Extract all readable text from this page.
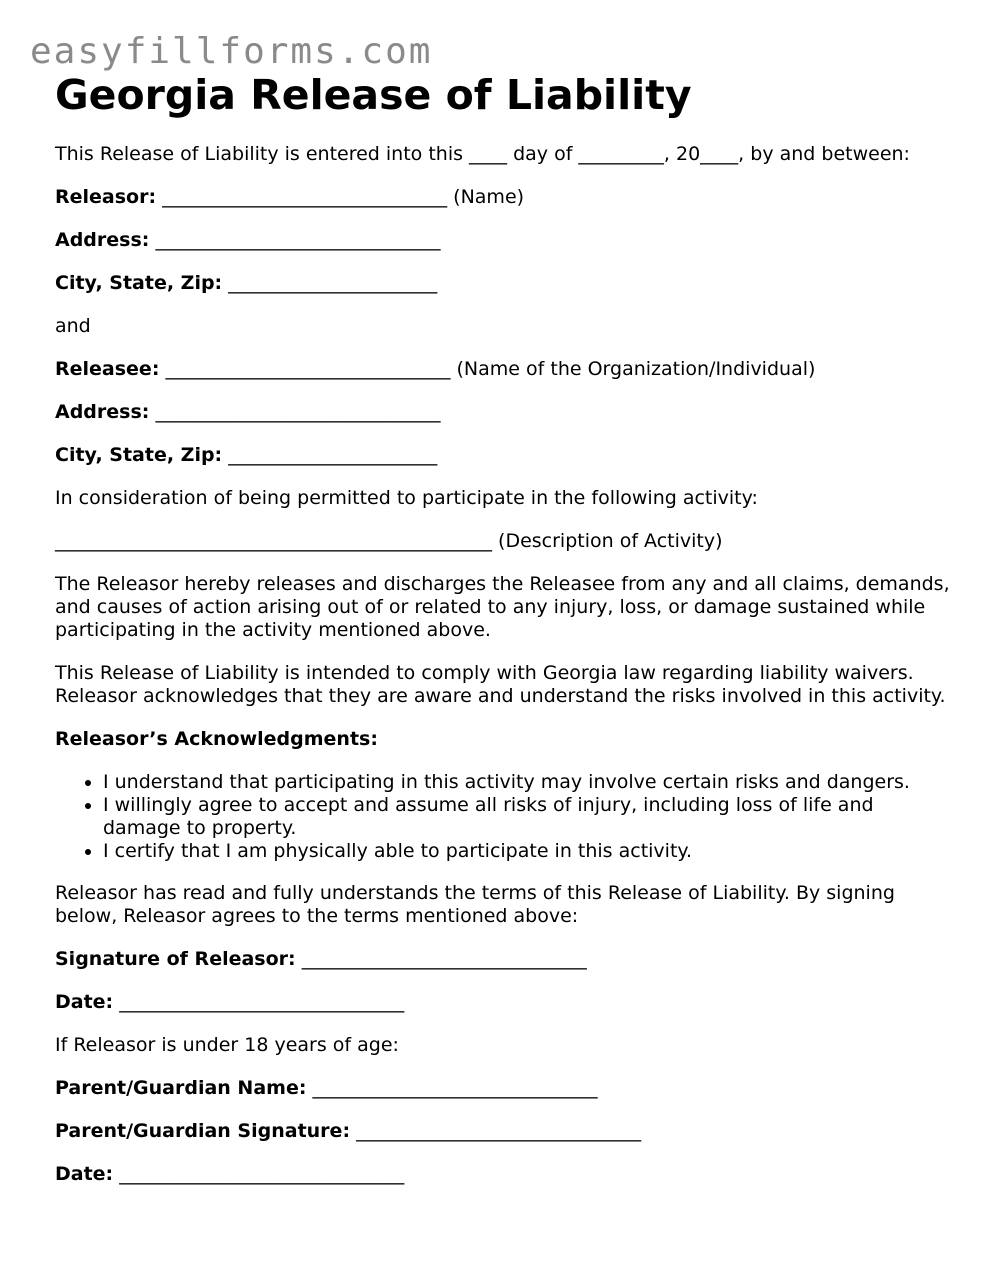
easyfillforms.com
Georgia Release of Liability

This Release of Liability is entered into this ____ day of _________, 20____, by and between:

Releasor: ______________________________ (Name)

Address: ______________________________

City, State, Zip: ______________________

and

Releasee: ______________________________ (Name of the Organization/Individual)

Address: ______________________________

City, State, Zip: ______________________

In consideration of being permitted to participate in the following activity:

______________________________________________ (Description of Activity)

The Releasor hereby releases and discharges the Releasee from any and all claims, demands, and causes of action arising out of or related to any injury, loss, or damage sustained while participating in the activity mentioned above.

This Release of Liability is intended to comply with Georgia law regarding liability waivers. Releasor acknowledges that they are aware and understand the risks involved in this activity.

Releasor’s Acknowledgments:

• I understand that participating in this activity may involve certain risks and dangers.
• I willingly agree to accept and assume all risks of injury, including loss of life and damage to property.
• I certify that I am physically able to participate in this activity.

Releasor has read and fully understands the terms of this Release of Liability. By signing below, Releasor agrees to the terms mentioned above:

Signature of Releasor: ______________________________

Date: ______________________________

If Releasor is under 18 years of age:

Parent/Guardian Name: ______________________________

Parent/Guardian Signature: ______________________________

Date: ______________________________
